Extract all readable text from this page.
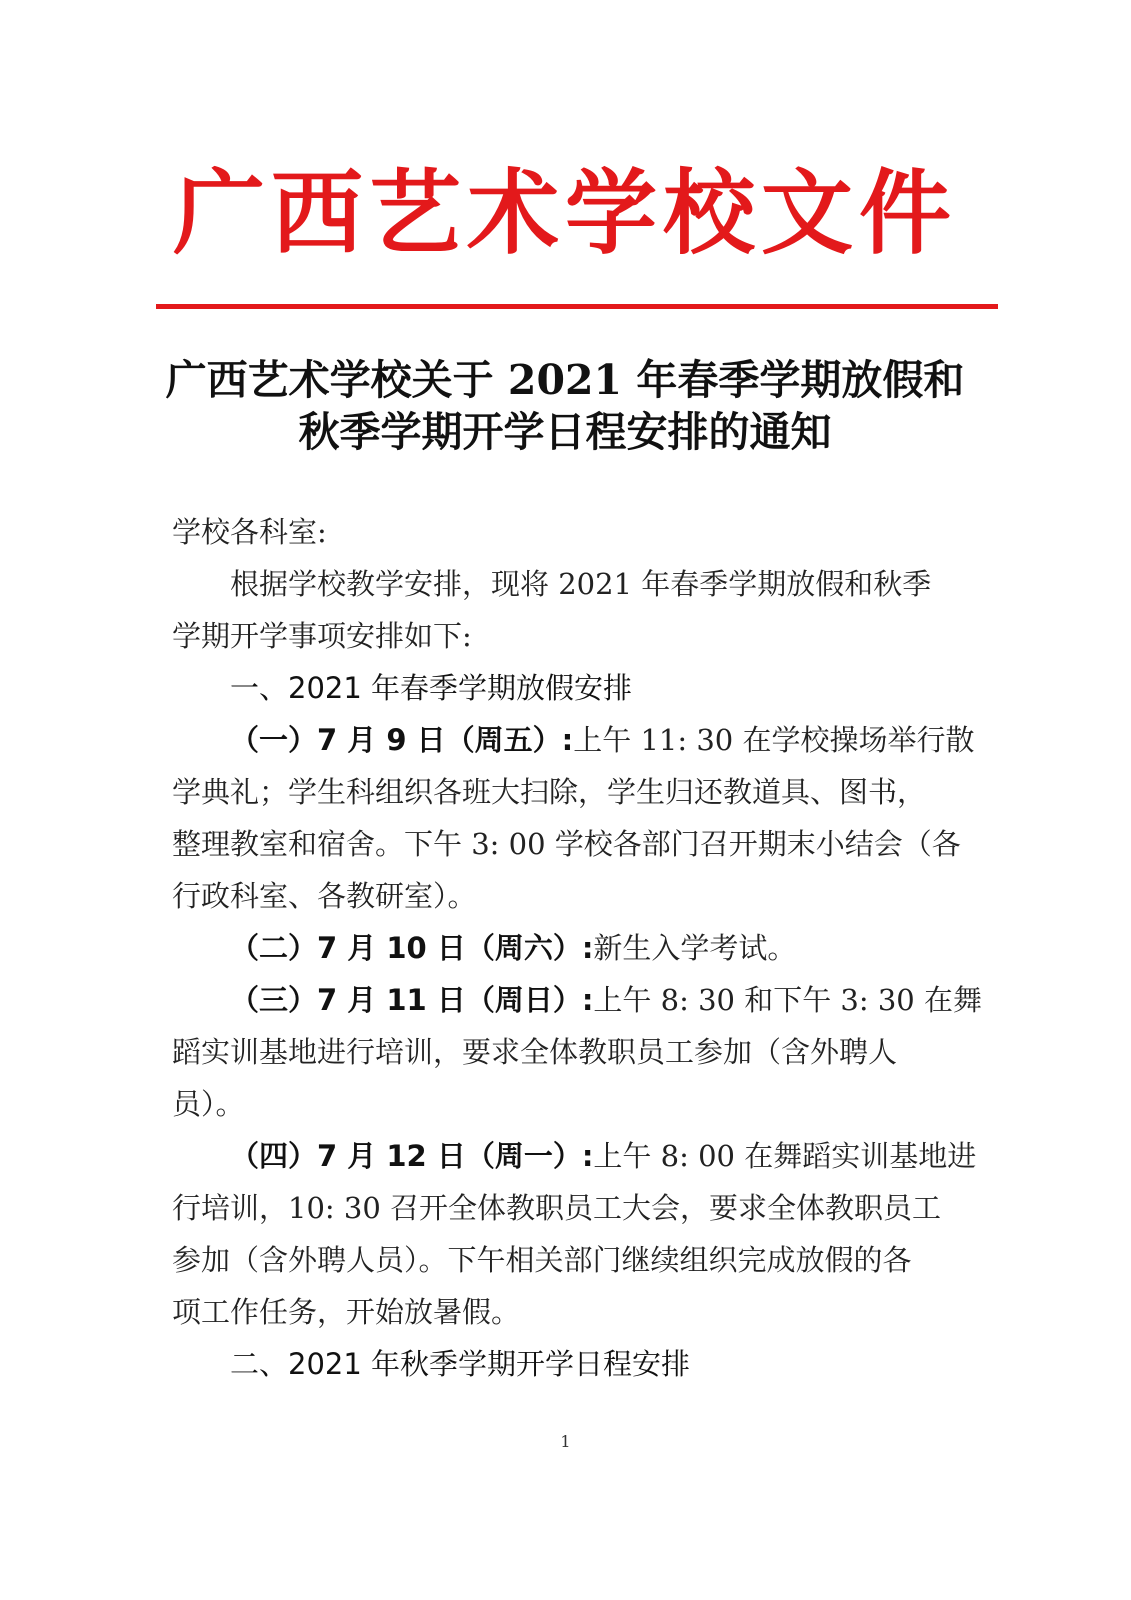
广西艺术学校文件
广西艺术学校关于 2021 年春季学期放假和
秋季学期开学日程安排的通知
学校各科室:
根据学校教学安排，现将 2021 年春季学期放假和秋季
学期开学事项安排如下:
一、2021 年春季学期放假安排
（一）7 月 9 日（周五）:上午 11: 30 在学校操场举行散
学典礼；学生科组织各班大扫除，学生归还教道具、图书，
整理教室和宿舍。下午 3: 00 学校各部门召开期末小结会（各
行政科室、各教研室）。
（二）7 月 10 日（周六）:新生入学考试。
（三）7 月 11 日（周日）:上午 8: 30 和下午 3: 30 在舞
蹈实训基地进行培训，要求全体教职员工参加（含外聘人
员）。
（四）7 月 12 日（周一）:上午 8: 00 在舞蹈实训基地进
行培训，10: 30 召开全体教职员工大会，要求全体教职员工
参加（含外聘人员）。下午相关部门继续组织完成放假的各
项工作任务，开始放暑假。
二、2021 年秋季学期开学日程安排
1
